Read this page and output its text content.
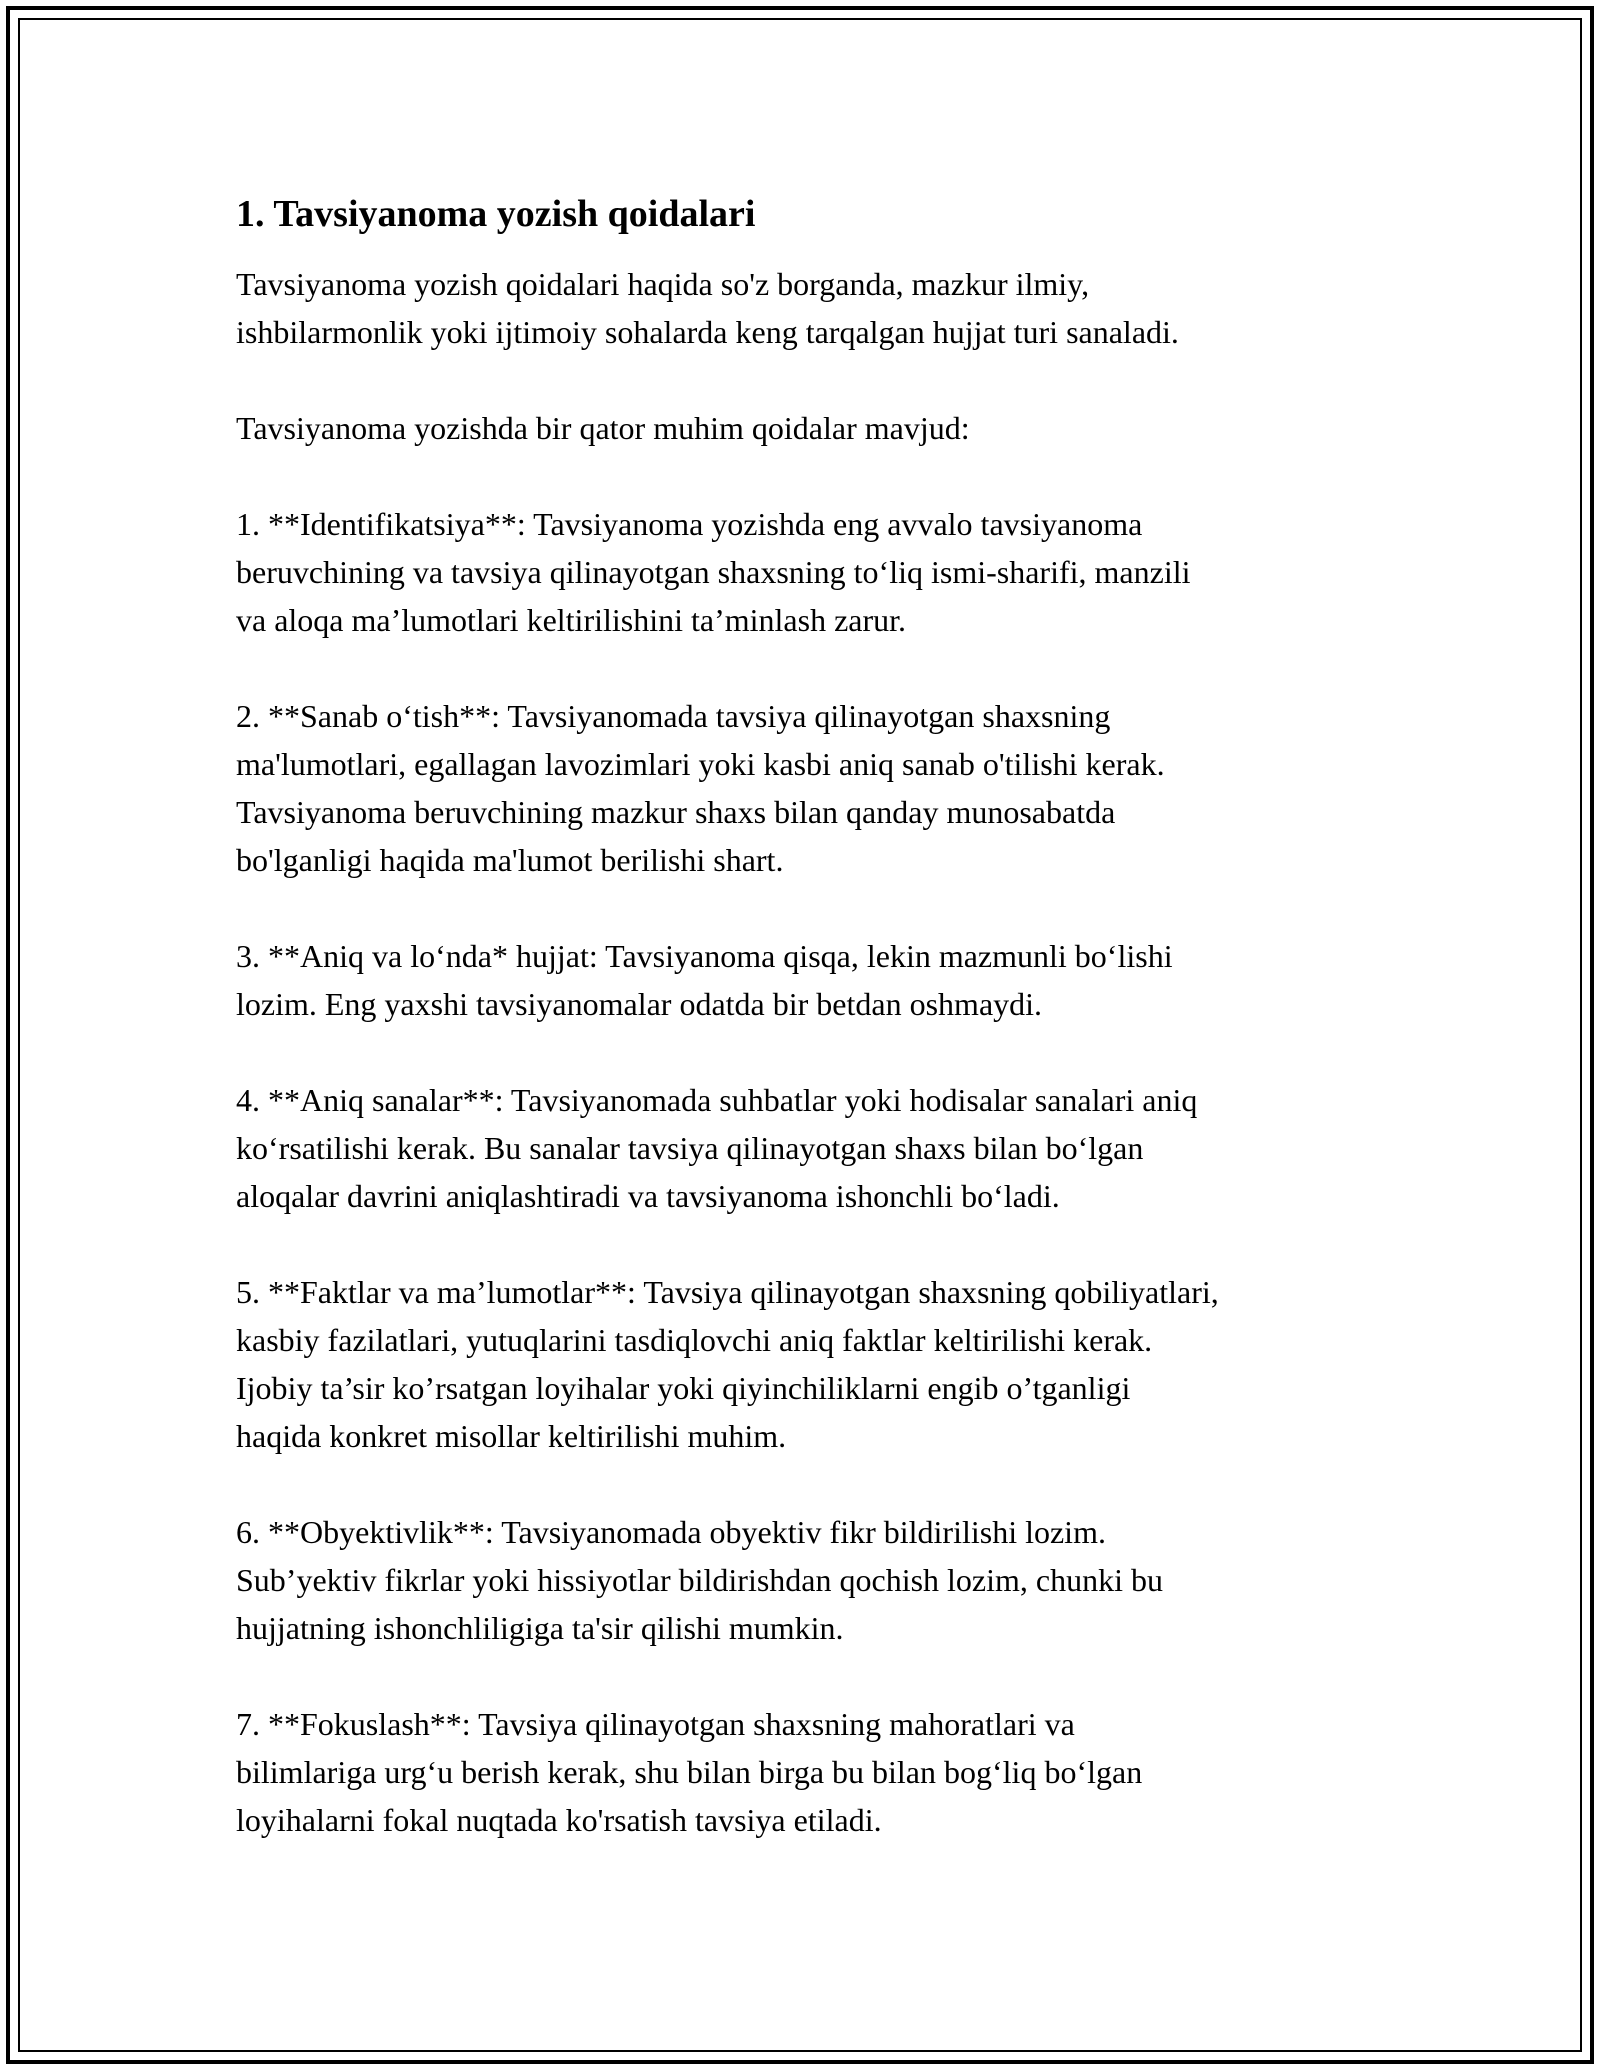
1. Tavsiyanoma yozish qoidalari

Tavsiyanoma yozish qoidalari haqida so'z borganda, mazkur ilmiy,
ishbilarmonlik yoki ijtimoiy sohalarda keng tarqalgan hujjat turi sanaladi.

Tavsiyanoma yozishda bir qator muhim qoidalar mavjud:

1. **Identifikatsiya**: Tavsiyanoma yozishda eng avvalo tavsiyanoma
beruvchining va tavsiya qilinayotgan shaxsning to‘liq ismi-sharifi, manzili
va aloqa ma’lumotlari keltirilishini ta’minlash zarur.

2. **Sanab o‘tish**: Tavsiyanomada tavsiya qilinayotgan shaxsning
ma'lumotlari, egallagan lavozimlari yoki kasbi aniq sanab o'tilishi kerak.
Tavsiyanoma beruvchining mazkur shaxs bilan qanday munosabatda
bo'lganligi haqida ma'lumot berilishi shart.

3. **Aniq va lo‘nda* hujjat: Tavsiyanoma qisqa, lekin mazmunli bo‘lishi
lozim. Eng yaxshi tavsiyanomalar odatda bir betdan oshmaydi.

4. **Aniq sanalar**: Tavsiyanomada suhbatlar yoki hodisalar sanalari aniq
ko‘rsatilishi kerak. Bu sanalar tavsiya qilinayotgan shaxs bilan bo‘lgan
aloqalar davrini aniqlashtiradi va tavsiyanoma ishonchli bo‘ladi.

5. **Faktlar va ma’lumotlar**: Tavsiya qilinayotgan shaxsning qobiliyatlari,
kasbiy fazilatlari, yutuqlarini tasdiqlovchi aniq faktlar keltirilishi kerak.
Ijobiy ta’sir ko’rsatgan loyihalar yoki qiyinchiliklarni engib o’tganligi
haqida konkret misollar keltirilishi muhim.

6. **Obyektivlik**: Tavsiyanomada obyektiv fikr bildirilishi lozim.
Sub’yektiv fikrlar yoki hissiyotlar bildirishdan qochish lozim, chunki bu
hujjatning ishonchliligiga ta'sir qilishi mumkin.

7. **Fokuslash**: Tavsiya qilinayotgan shaxsning mahoratlari va
bilimlariga urg‘u berish kerak, shu bilan birga bu bilan bog‘liq bo‘lgan
loyihalarni fokal nuqtada ko'rsatish tavsiya etiladi.
